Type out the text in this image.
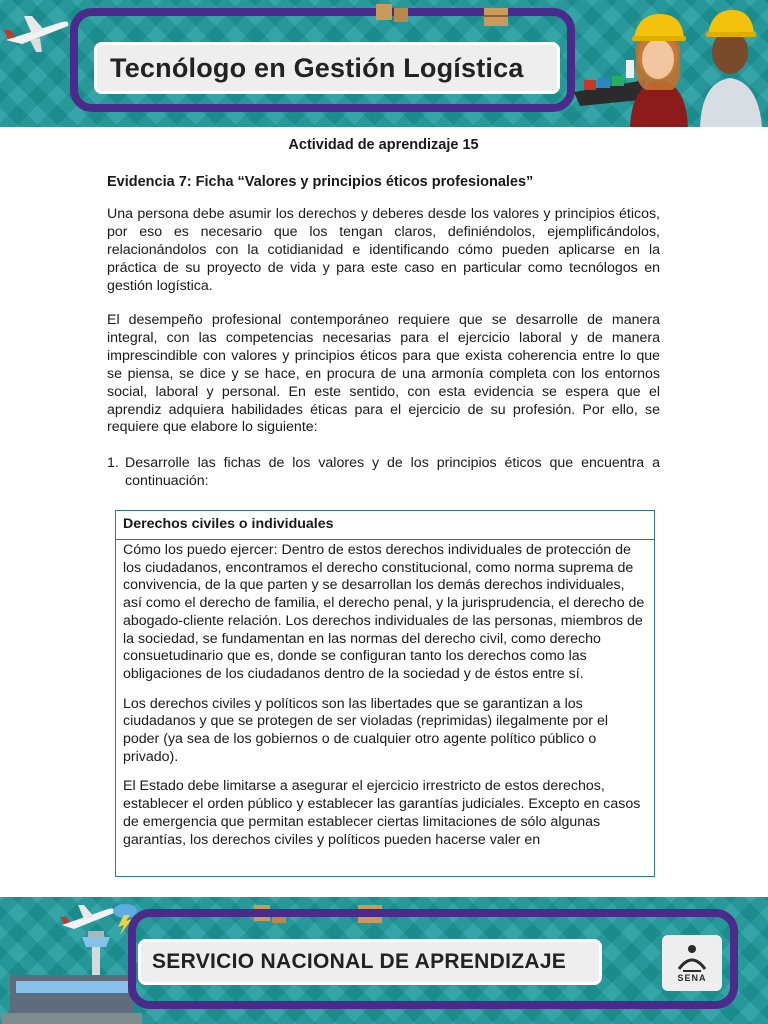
Tecnólogo en Gestión Logística
Actividad de aprendizaje 15
Evidencia 7: Ficha “Valores y principios éticos profesionales”

Una persona debe asumir los derechos y deberes desde los valores y principios éticos, por eso es necesario que los tengan claros, definiéndolos, ejemplificándolos, relacionándolos con la cotidianidad e identificando cómo pueden aplicarse en la práctica de su proyecto de vida y para este caso en particular como tecnólogos en gestión logística.

El desempeño profesional contemporáneo requiere que se desarrolle de manera integral, con las competencias necesarias para el ejercicio laboral y de manera imprescindible con valores y principios éticos para que exista coherencia entre lo que se piensa, se dice y se hace, en procura de una armonía completa con los entornos social, laboral y personal. En este sentido, con esta evidencia se espera que el aprendiz adquiera habilidades éticas para el ejercicio de su profesión. Por ello, se requiere que elabore lo siguiente:

1. Desarrolle las fichas de los valores y de los principios éticos que encuentra a continuación:
Derechos civiles o individuales

Cómo los puedo ejercer: Dentro de estos derechos individuales de protección de los ciudadanos, encontramos el derecho constitucional, como norma suprema de convivencia, de la que parten y se desarrollan los demás derechos individuales, así como el derecho de familia, el derecho penal, y la jurisprudencia, el derecho de abogado-cliente relación. Los derechos individuales de las personas, miembros de la sociedad, se fundamentan en las normas del derecho civil, como derecho consuetudinario que es, donde se configuran tanto los derechos como las obligaciones de los ciudadanos dentro de la sociedad y de éstos entre sí.

Los derechos civiles y políticos son las libertades que se garantizan a los ciudadanos y que se protegen de ser violadas (reprimidas) ilegalmente por el poder (ya sea de los gobiernos o de cualquier otro agente político público o privado).

El Estado debe limitarse a asegurar el ejercicio irrestricto de estos derechos, establecer el orden público y establecer las garantías judiciales. Excepto en casos de emergencia que permitan establecer ciertas limitaciones de sólo algunas garantías, los derechos civiles y políticos pueden hacerse valer en

SERVICIO NACIONAL DE APRENDIZAJE
SENA
